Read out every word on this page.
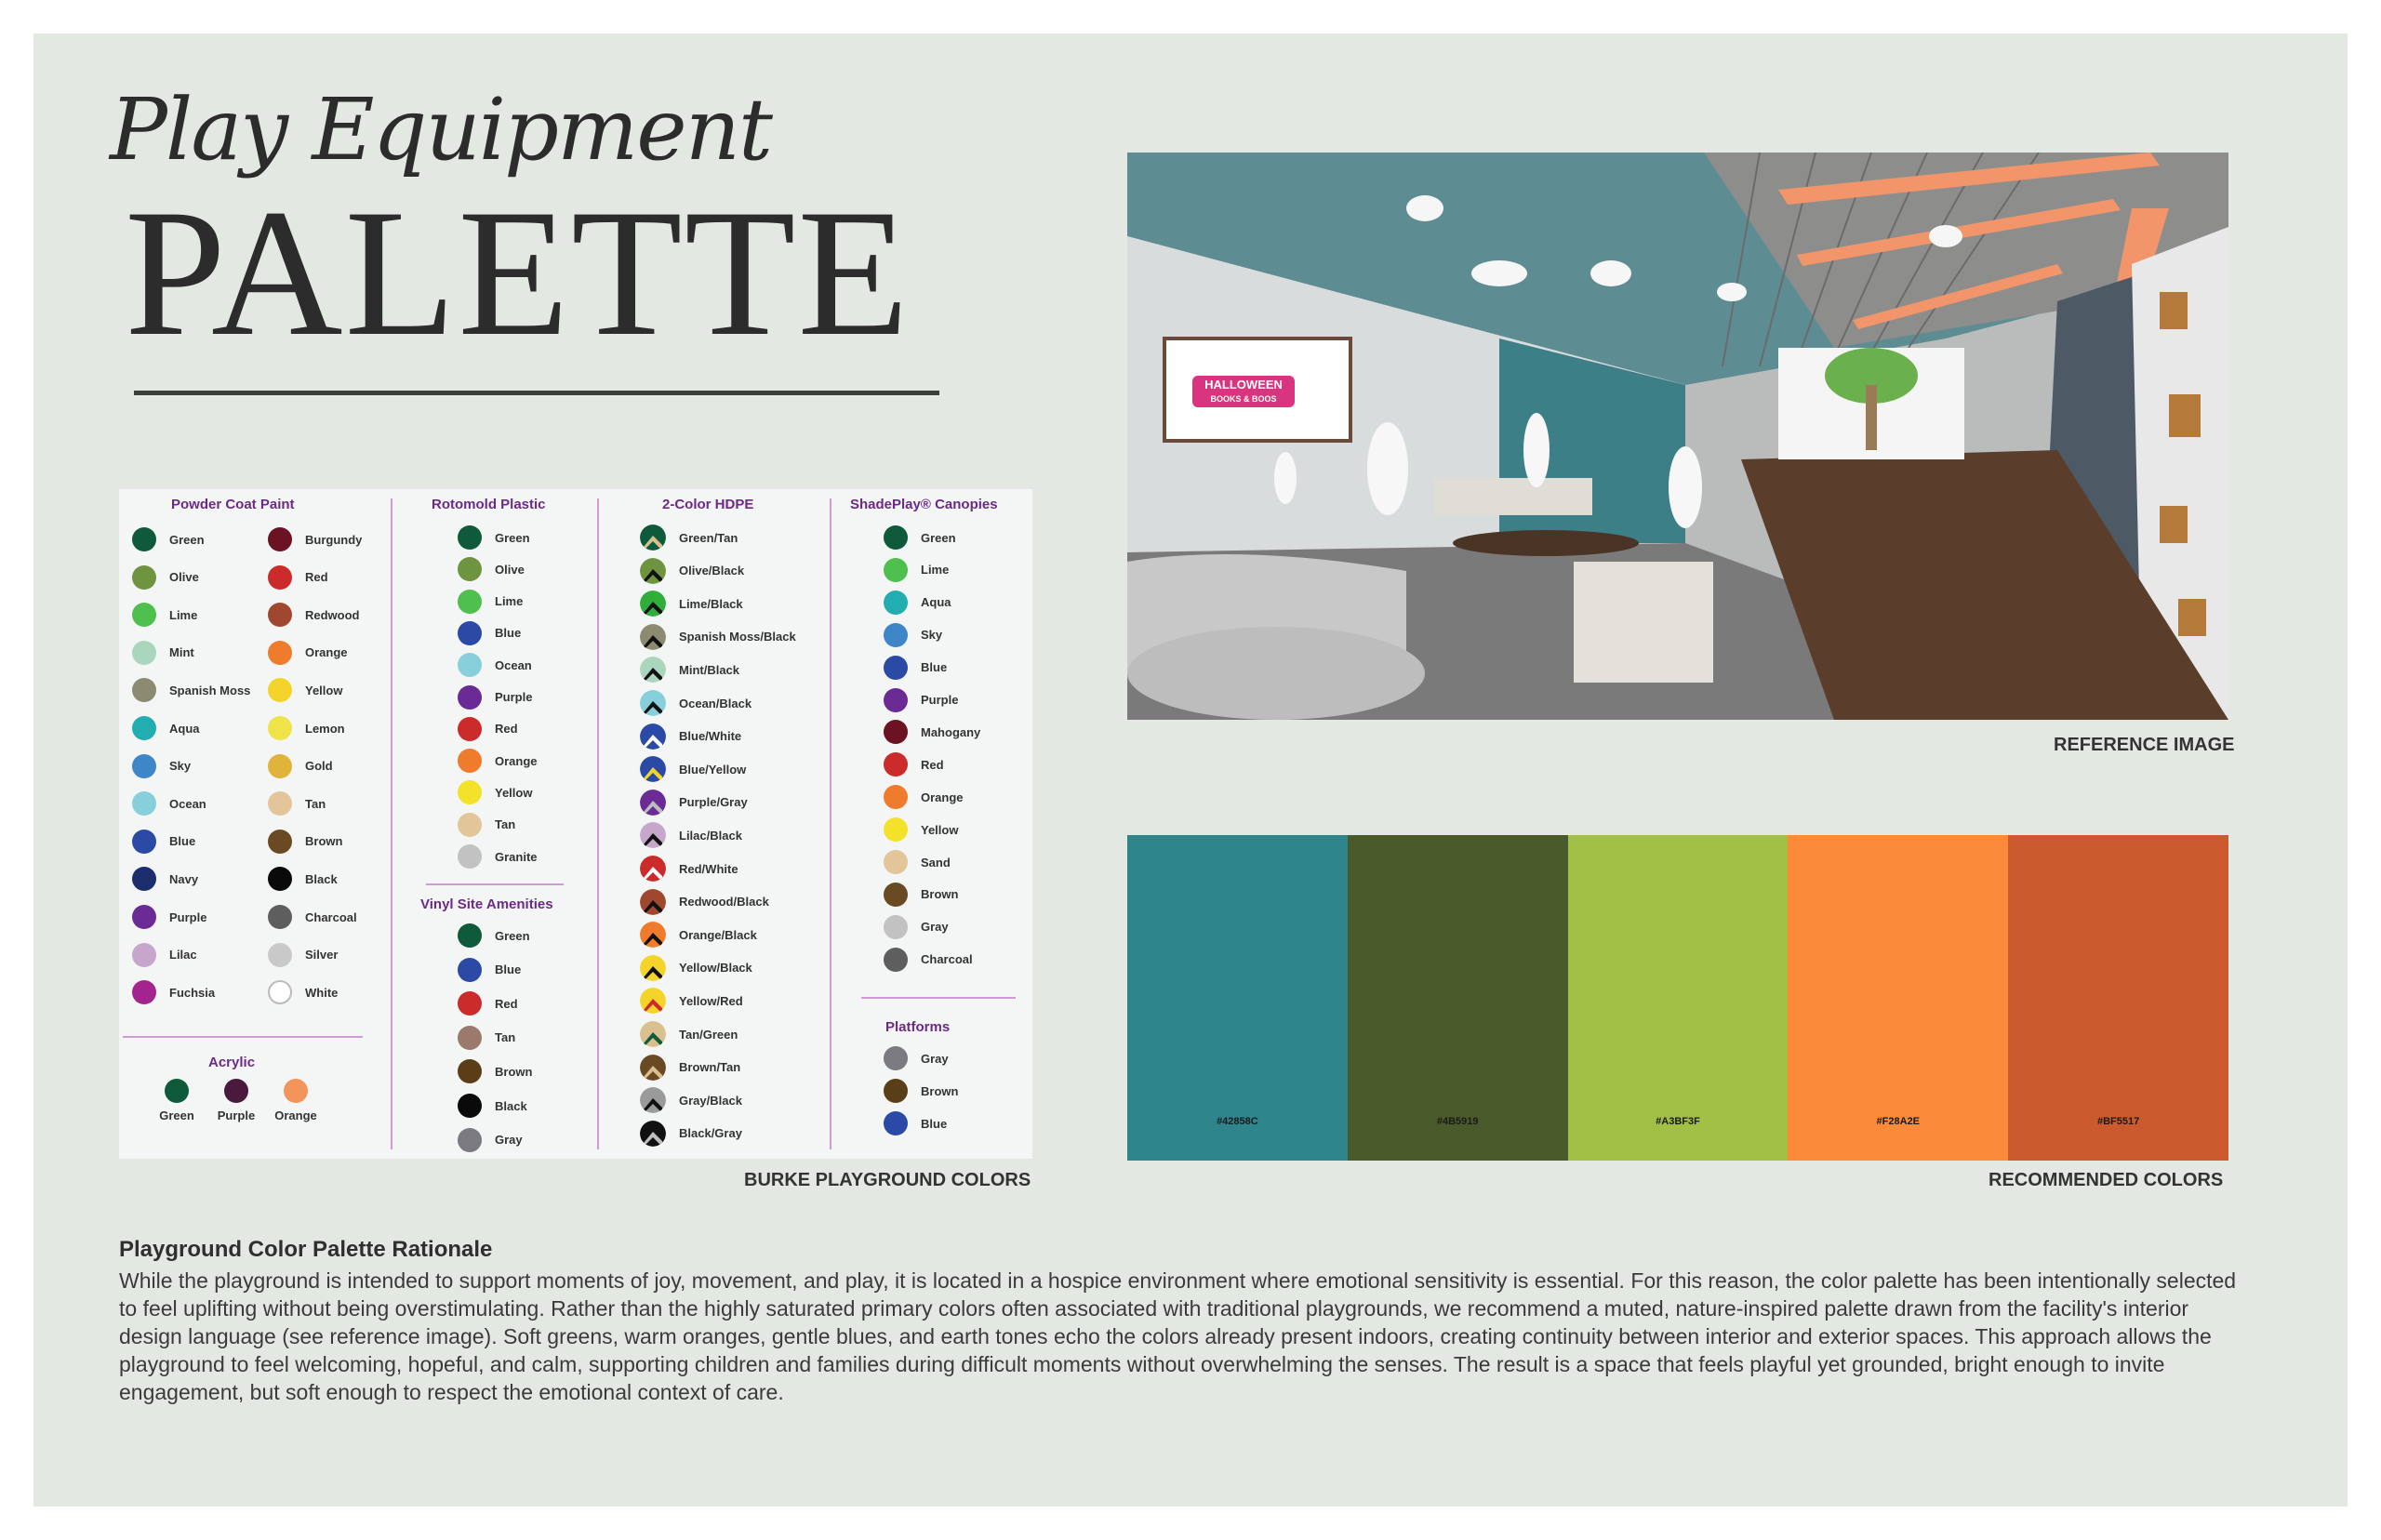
Play Equipment
PALETTE
Powder Coat Paint	Rotomold Plastic	2-Color HDPE	ShadePlay® Canopies
Acrylic
Vinyl Site Amenities
Platforms
Green
Olive
Lime
Mint
Spanish Moss
Aqua
Sky
Ocean
Blue
Navy
Purple
Lilac
Fuchsia
Burgundy
Red
Redwood
Orange
Yellow
Lemon
Gold
Tan
Brown
Black
Charcoal
Silver
White
Green
Olive
Lime
Blue
Ocean
Purple
Red
Orange
Yellow
Tan
Granite
Green
Blue
Red
Tan
Brown
Black
Gray
Green
Lime
Aqua
Sky
Blue
Purple
Mahogany
Red
Orange
Yellow
Sand
Brown
Gray
Charcoal
Gray
Brown
Blue
Green	Purple	Orange
Green/Tan
Olive/Black
Lime/Black
Spanish Moss/Black
Mint/Black
Ocean/Black
Blue/White
Blue/Yellow
Purple/Gray
Lilac/Black
Red/White
Redwood/Black
Orange/Black
Yellow/Black
Yellow/Red
Tan/Green
Brown/Tan
Gray/Black
Black/Gray
BURKE PLAYGROUND COLORS
HALLOWEEN
BOOKS & BOOS
REFERENCE IMAGE
#42858C	#4B5919	#A3BF3F	#F28A2E	#BF5517
RECOMMENDED COLORS
Playground Color Palette Rationale
While the playground is intended to support moments of joy, movement, and play, it is located in a hospice environment where emotional sensitivity is essential. For this reason, the color palette has been intentionally selected to feel uplifting without being overstimulating. Rather than the highly saturated primary colors often associated with traditional playgrounds, we recommend a muted, nature-inspired palette drawn from the facility's interior design language (see reference image). Soft greens, warm oranges, gentle blues, and earth tones echo the colors already present indoors, creating continuity between interior and exterior spaces. This approach allows the playground to feel welcoming, hopeful, and calm, supporting children and families during difficult moments without overwhelming the senses. The result is a space that feels playful yet grounded, bright enough to invite engagement, but soft enough to respect the emotional context of care.
